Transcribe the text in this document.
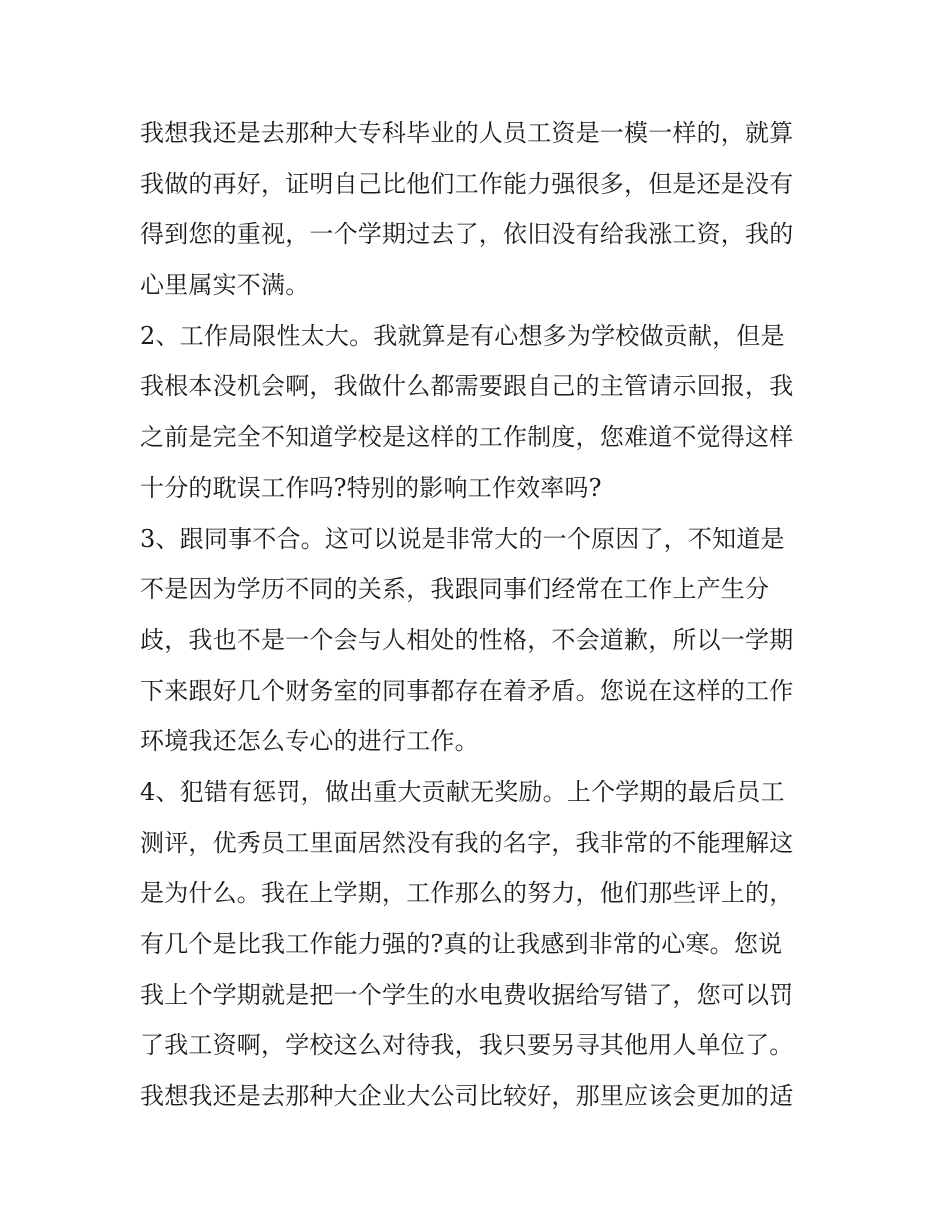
我想我还是去那种大专科毕业的人员工资是一模一样的，就算
我做的再好，证明自己比他们工作能力强很多，但是还是没有
得到您的重视，一个学期过去了，依旧没有给我涨工资，我的
心里属实不满。
2、工作局限性太大。我就算是有心想多为学校做贡献，但是
我根本没机会啊，我做什么都需要跟自己的主管请示回报，我
之前是完全不知道学校是这样的工作制度，您难道不觉得这样
十分的耽误工作吗?特别的影响工作效率吗?
3、跟同事不合。这可以说是非常大的一个原因了，不知道是
不是因为学历不同的关系，我跟同事们经常在工作上产生分
歧，我也不是一个会与人相处的性格，不会道歉，所以一学期
下来跟好几个财务室的同事都存在着矛盾。您说在这样的工作
环境我还怎么专心的进行工作。
4、犯错有惩罚，做出重大贡献无奖励。上个学期的最后员工
测评，优秀员工里面居然没有我的名字，我非常的不能理解这
是为什么。我在上学期，工作那么的努力，他们那些评上的，
有几个是比我工作能力强的?真的让我感到非常的心寒。您说
我上个学期就是把一个学生的水电费收据给写错了，您可以罚
了我工资啊，学校这么对待我，我只要另寻其他用人单位了。
我想我还是去那种大企业大公司比较好，那里应该会更加的适
